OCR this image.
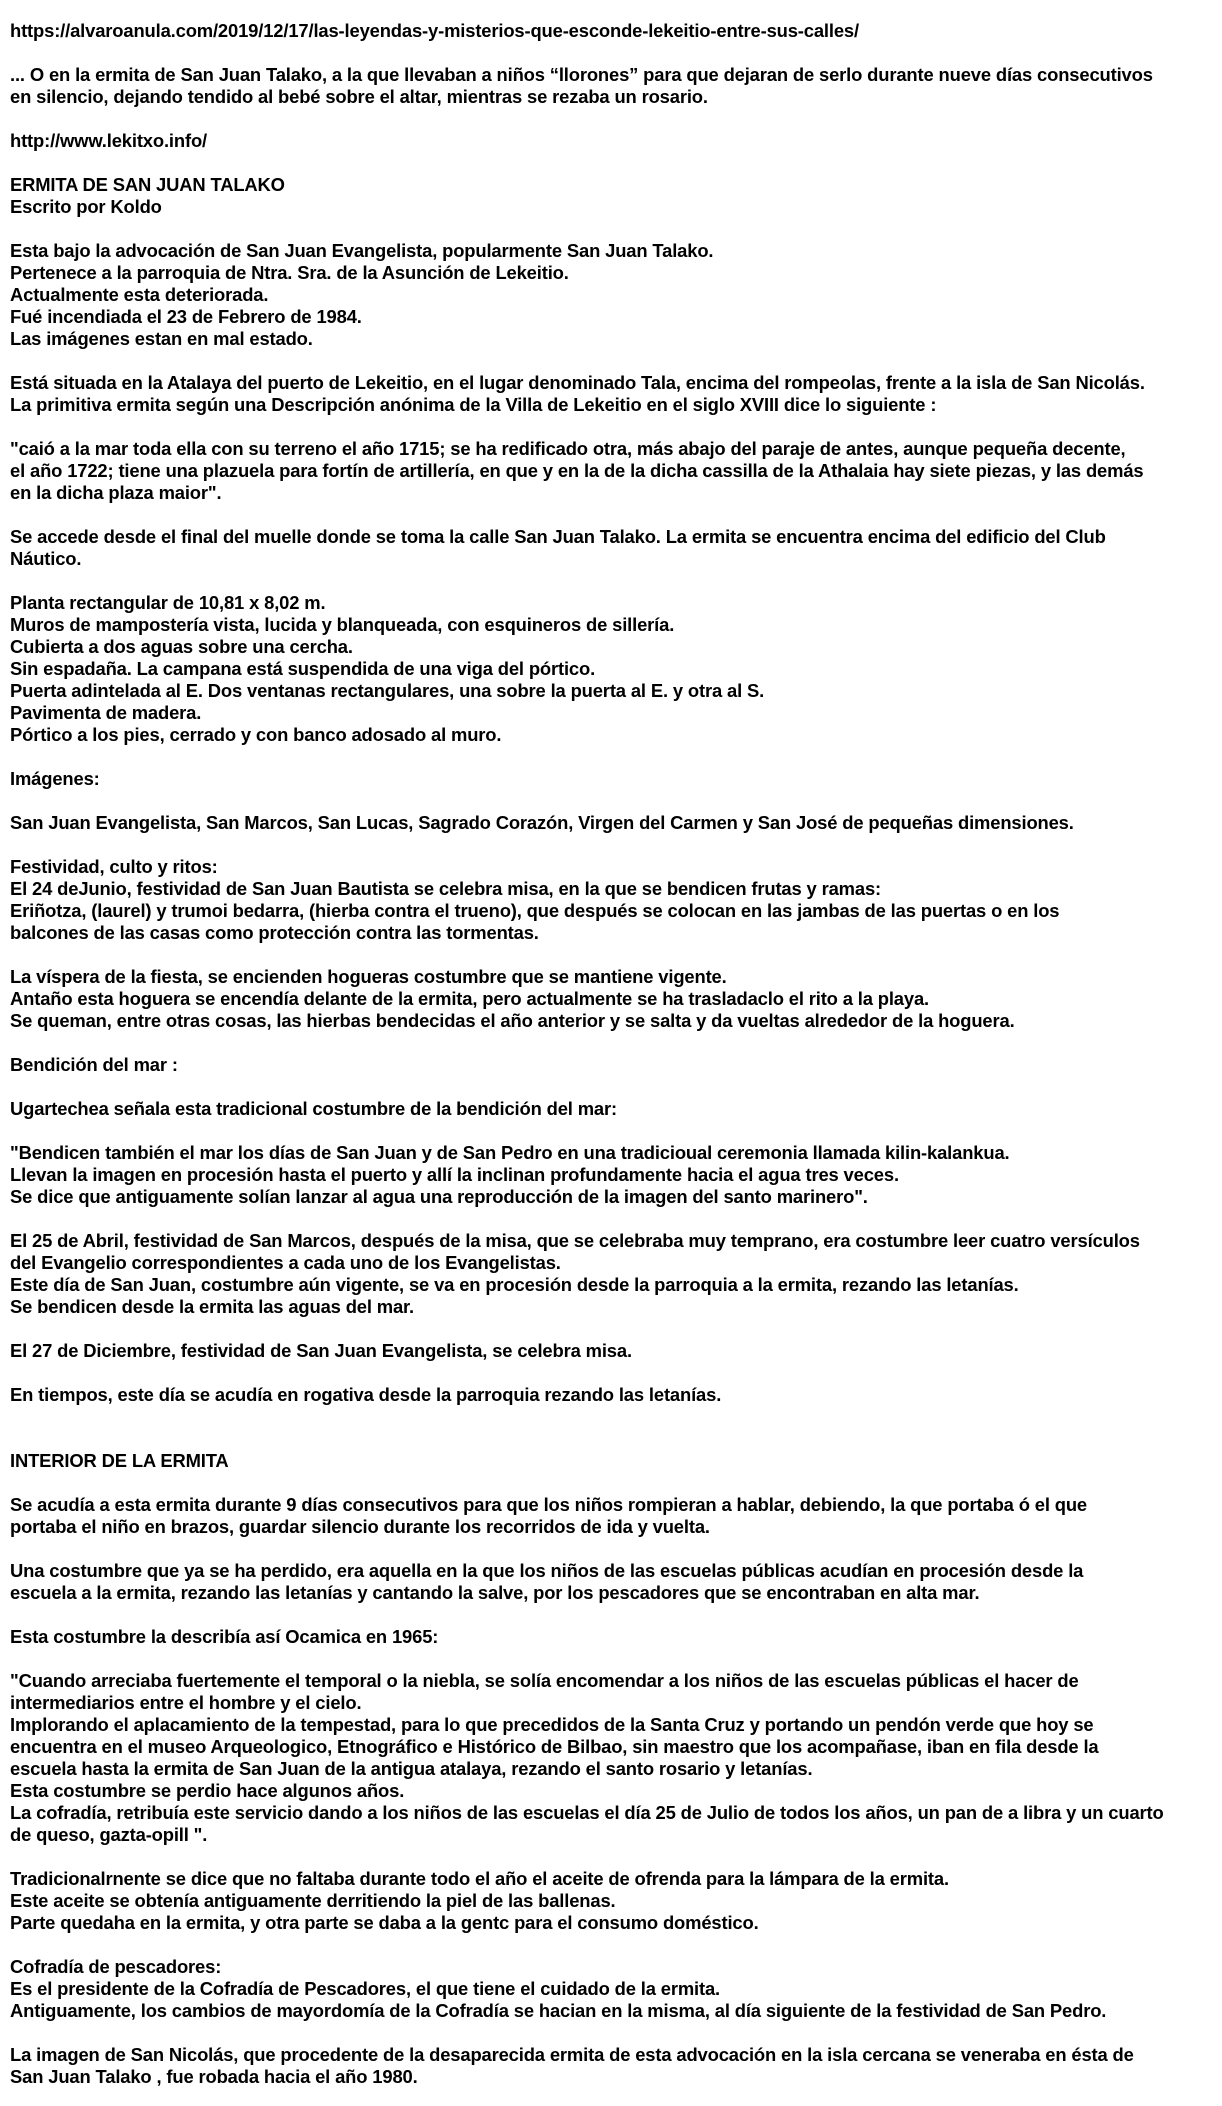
https://alvaroanula.com/2019/12/17/las-leyendas-y-misterios-que-esconde-lekeitio-entre-sus-calles/

... O en la ermita de San Juan Talako, a la que llevaban a niños “llorones” para que dejaran de serlo durante nueve días consecutivos
en silencio, dejando tendido al bebé sobre el altar, mientras se rezaba un rosario.

http://www.lekitxo.info/

ERMITA DE SAN JUAN TALAKO
Escrito por Koldo

Esta bajo la advocación de San Juan Evangelista, popularmente San Juan Talako.
Pertenece a la parroquia de Ntra. Sra. de la Asunción de Lekeitio.
Actualmente esta deteriorada.
Fué incendiada el 23 de Febrero de 1984.
Las imágenes estan en mal estado.

Está situada en la Atalaya del puerto de Lekeitio, en el lugar denominado Tala, encima del rompeolas, frente a la isla de San Nicolás.
La primitiva ermita según una Descripción anónima de la Villa de Lekeitio en el siglo XVIII dice lo siguiente :

"caió a la mar toda ella con su terreno el año 1715; se ha redificado otra, más abajo del paraje de antes, aunque pequeña decente,
el año 1722; tiene una plazuela para fortín de artillería, en que y en la de la dicha cassilla de la Athalaia hay siete piezas, y las demás
en la dicha plaza maior".

Se accede desde el final del muelle donde se toma la calle San Juan Talako. La ermita se encuentra encima del edificio del Club
Náutico.

Planta rectangular de 10,81 x 8,02 m.
Muros de mampostería vista, lucida y blanqueada, con esquineros de sillería.
Cubierta a dos aguas sobre una cercha.
Sin espadaña. La campana está suspendida de una viga del pórtico.
Puerta adintelada al E. Dos ventanas rectangulares, una sobre la puerta al E. y otra al S.
Pavimenta de madera.
Pórtico a los pies, cerrado y con banco adosado al muro.

Imágenes:

San Juan Evangelista, San Marcos, San Lucas, Sagrado Corazón, Virgen del Carmen y San José de pequeñas dimensiones.

Festividad, culto y ritos:
El 24 deJunio, festividad de San Juan Bautista se celebra misa, en la que se bendicen frutas y ramas:
Eriñotza, (laurel) y trumoi bedarra, (hierba contra el trueno), que después se colocan en las jambas de las puertas o en los
balcones de las casas como protección contra las tormentas.

La víspera de la fiesta, se encienden hogueras costumbre que se mantiene vigente.
Antaño esta hoguera se encendía delante de la ermita, pero actualmente se ha trasladaclo el rito a la playa.
Se queman, entre otras cosas, las hierbas bendecidas el año anterior y se salta y da vueltas alrededor de la hoguera.

Bendición del mar :

Ugartechea señala esta tradicional costumbre de la bendición del mar:

"Bendicen también el mar los días de San Juan y de San Pedro en una tradicioual ceremonia llamada kilin-kalankua.
Llevan la imagen en procesión hasta el puerto y allí la inclinan profundamente hacia el agua tres veces.
Se dice que antiguamente solían lanzar al agua una reproducción de la imagen del santo marinero".

El 25 de Abril, festividad de San Marcos, después de la misa, que se celebraba muy temprano, era costumbre leer cuatro versículos
del Evangelio correspondientes a cada uno de los Evangelistas.
Este día de San Juan, costumbre aún vigente, se va en procesión desde la parroquia a la ermita, rezando las letanías.
Se bendicen desde la ermita las aguas del mar.

El 27 de Diciembre, festividad de San Juan Evangelista, se celebra misa.

En tiempos, este día se acudía en rogativa desde la parroquia rezando las letanías.

INTERIOR DE LA ERMITA

Se acudía a esta ermita durante 9 días consecutivos para que los niños rompieran a hablar, debiendo, la que portaba ó el que
portaba el niño en brazos, guardar silencio durante los recorridos de ida y vuelta.

Una costumbre que ya se ha perdido, era aquella en la que los niños de las escuelas públicas acudían en procesión desde la
escuela a la ermita, rezando las letanías y cantando la salve, por los pescadores que se encontraban en alta mar.

Esta costumbre la describía así Ocamica en 1965:

"Cuando arreciaba fuertemente el temporal o la niebla, se solía encomendar a los niños de las escuelas públicas el hacer de
intermediarios entre el hombre y el cielo.
Implorando el aplacamiento de la tempestad, para lo que precedidos de la Santa Cruz y portando un pendón verde que hoy se
encuentra en el museo Arqueologico, Etnográfico e Histórico de Bilbao, sin maestro que los acompañase, iban en fila desde la
escuela hasta la ermita de San Juan de la antigua atalaya, rezando el santo rosario y letanías.
Esta costumbre se perdio hace algunos años.
La cofradía, retribuía este servicio dando a los niños de las escuelas el día 25 de Julio de todos los años, un pan de a libra y un cuarto
de queso, gazta-opill ".

Tradicionalrnente se dice que no faltaba durante todo el año el aceite de ofrenda para la lámpara de la ermita.
Este aceite se obtenía antiguamente derritiendo la piel de las ballenas.
Parte quedaha en la ermita, y otra parte se daba a la gentc para el consumo doméstico.

Cofradía de pescadores:
Es el presidente de la Cofradía de Pescadores, el que tiene el cuidado de la ermita.
Antiguamente, los cambios de mayordomía de la Cofradía se hacian en la misma, al día siguiente de la festividad de San Pedro.

La imagen de San Nicolás, que procedente de la desaparecida ermita de esta advocación en la isla cercana se veneraba en ésta de
San Juan Talako , fue robada hacia el año 1980.
